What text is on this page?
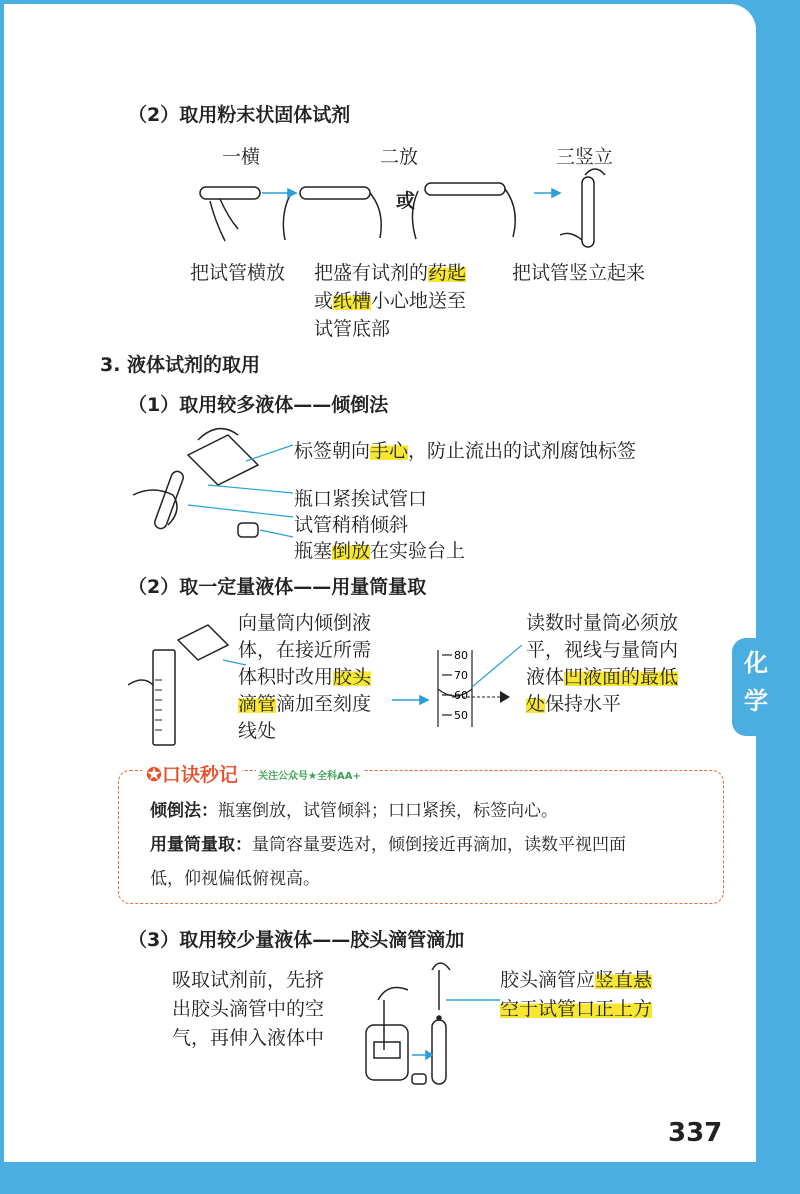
（2）取用粉末状固体试剂
一横	二放	三竖立
或
把试管横放 把盛有试剂的药匙
或纸槽小心地送至
试管底部
把试管竖立起来
3. 液体试剂的取用
（1）取用较多液体——倾倒法
标签朝向手心，防止流出的试剂腐蚀标签
瓶口紧挨试管口
试管稍稍倾斜
瓶塞倒放在实验台上
（2）取一定量液体——用量筒量取
向量筒内倾倒液
体，在接近所需
体积时改用胶头
滴管滴加至刻度
线处
80
70
60
50
读数时量筒必须放
平，视线与量筒内
液体凹液面的最低
处保持水平
化
学
✪口诀秒记	关注公众号★全科AA+
倾倒法：瓶塞倒放，试管倾斜；口口紧挨，标签向心。
用量筒量取：量筒容量要选对，倾倒接近再滴加，读数平视凹面
低，仰视偏低俯视高。
（3）取用较少量液体——胶头滴管滴加
吸取试剂前，先挤
出胶头滴管中的空
气，再伸入液体中
胶头滴管应竖直悬
空于试管口正上方
337
